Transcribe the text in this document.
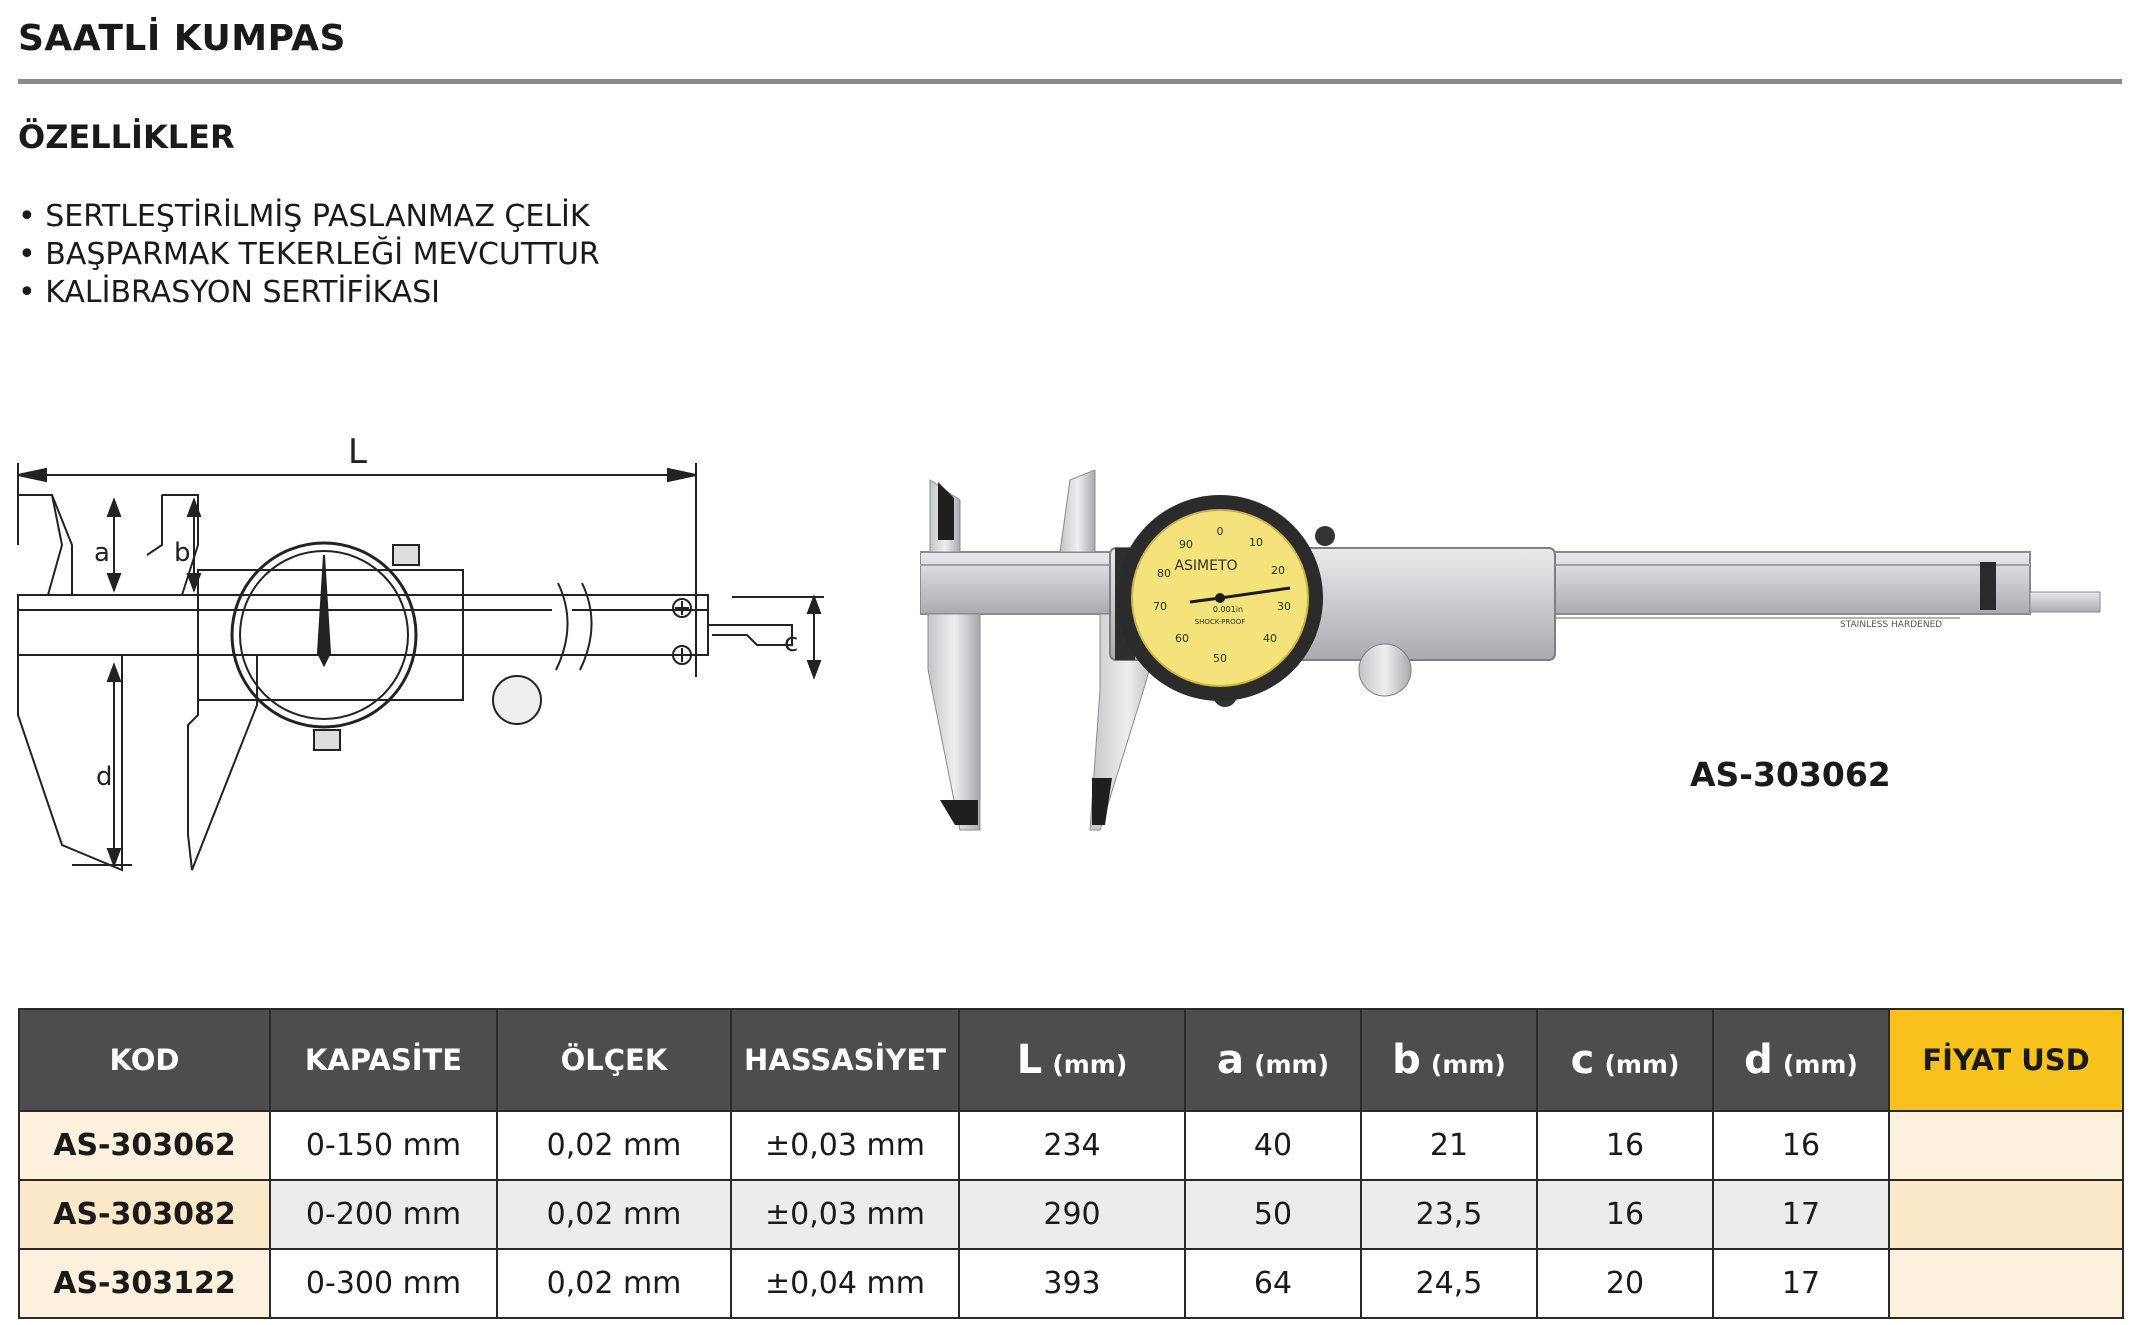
SAATLİ KUMPAS
ÖZELLİKLER
• SERTLEŞTİRİLMİŞ PASLANMAZ ÇELİK
• BAŞPARMAK TEKERLEĞİ MEVCUTTUR
• KALİBRASYON SERTİFİKASI
L
a b
c
d
STAINLESS HARDENED
0
10
20
30
40
50
60
70
80
90
ASIMETO
0.001in
SHOCK-PROOF
AS-303062
KOD	KAPASİTE	ÖLÇEK	HASSASİYET	L (mm)	a (mm)	b (mm)	c (mm)	d (mm)	FİYAT USD
AS-303062	0-150 mm	0,02 mm	±0,03 mm	234	40	21	16	16	
AS-303082	0-200 mm	0,02 mm	±0,03 mm	290	50	23,5	16	17	
AS-303122	0-300 mm	0,02 mm	±0,04 mm	393	64	24,5	20	17	
